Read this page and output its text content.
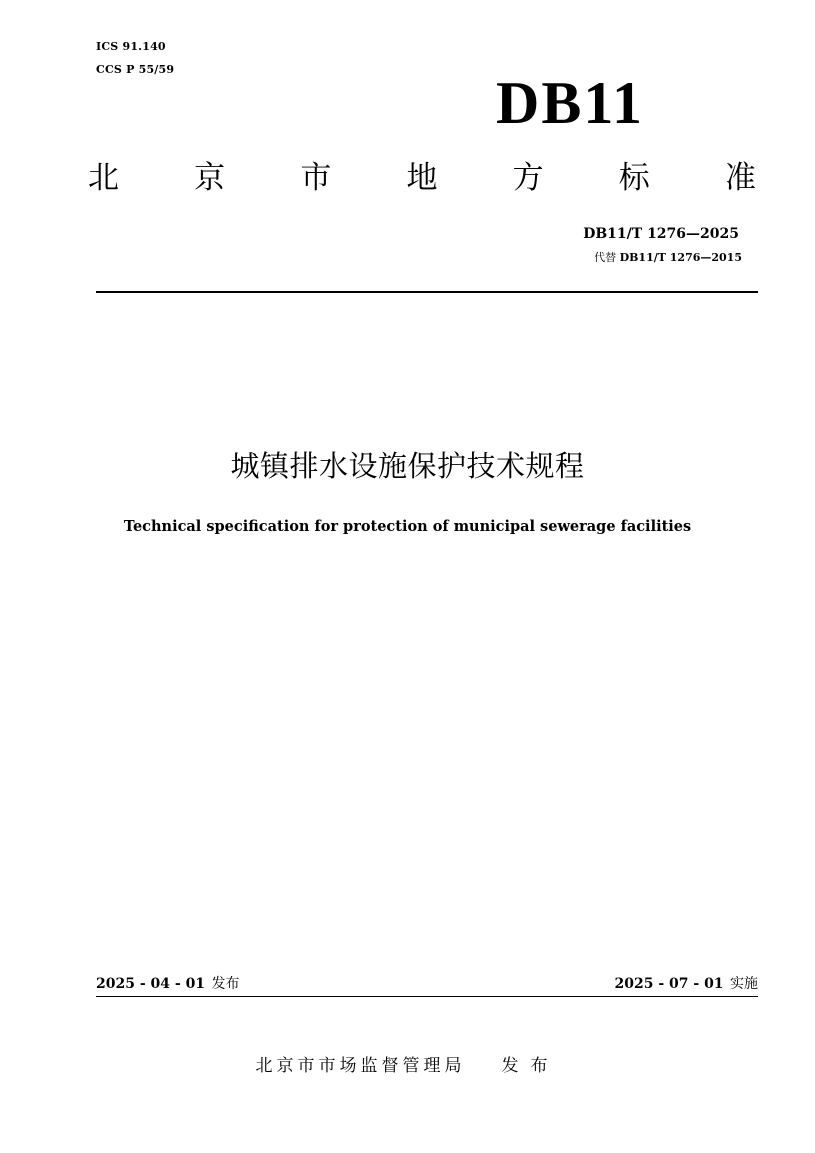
ICS 91.140
CCS P 55/59
DB11
北 京 市 地 方 标 准
DB11/T 1276—2025
代替 DB11/T 1276—2015
城镇排水设施保护技术规程
Technical specification for protection of municipal sewerage facilities
2025 - 04 - 01 发布	2025 - 07 - 01 实施
北京市市场监督管理局 发布
